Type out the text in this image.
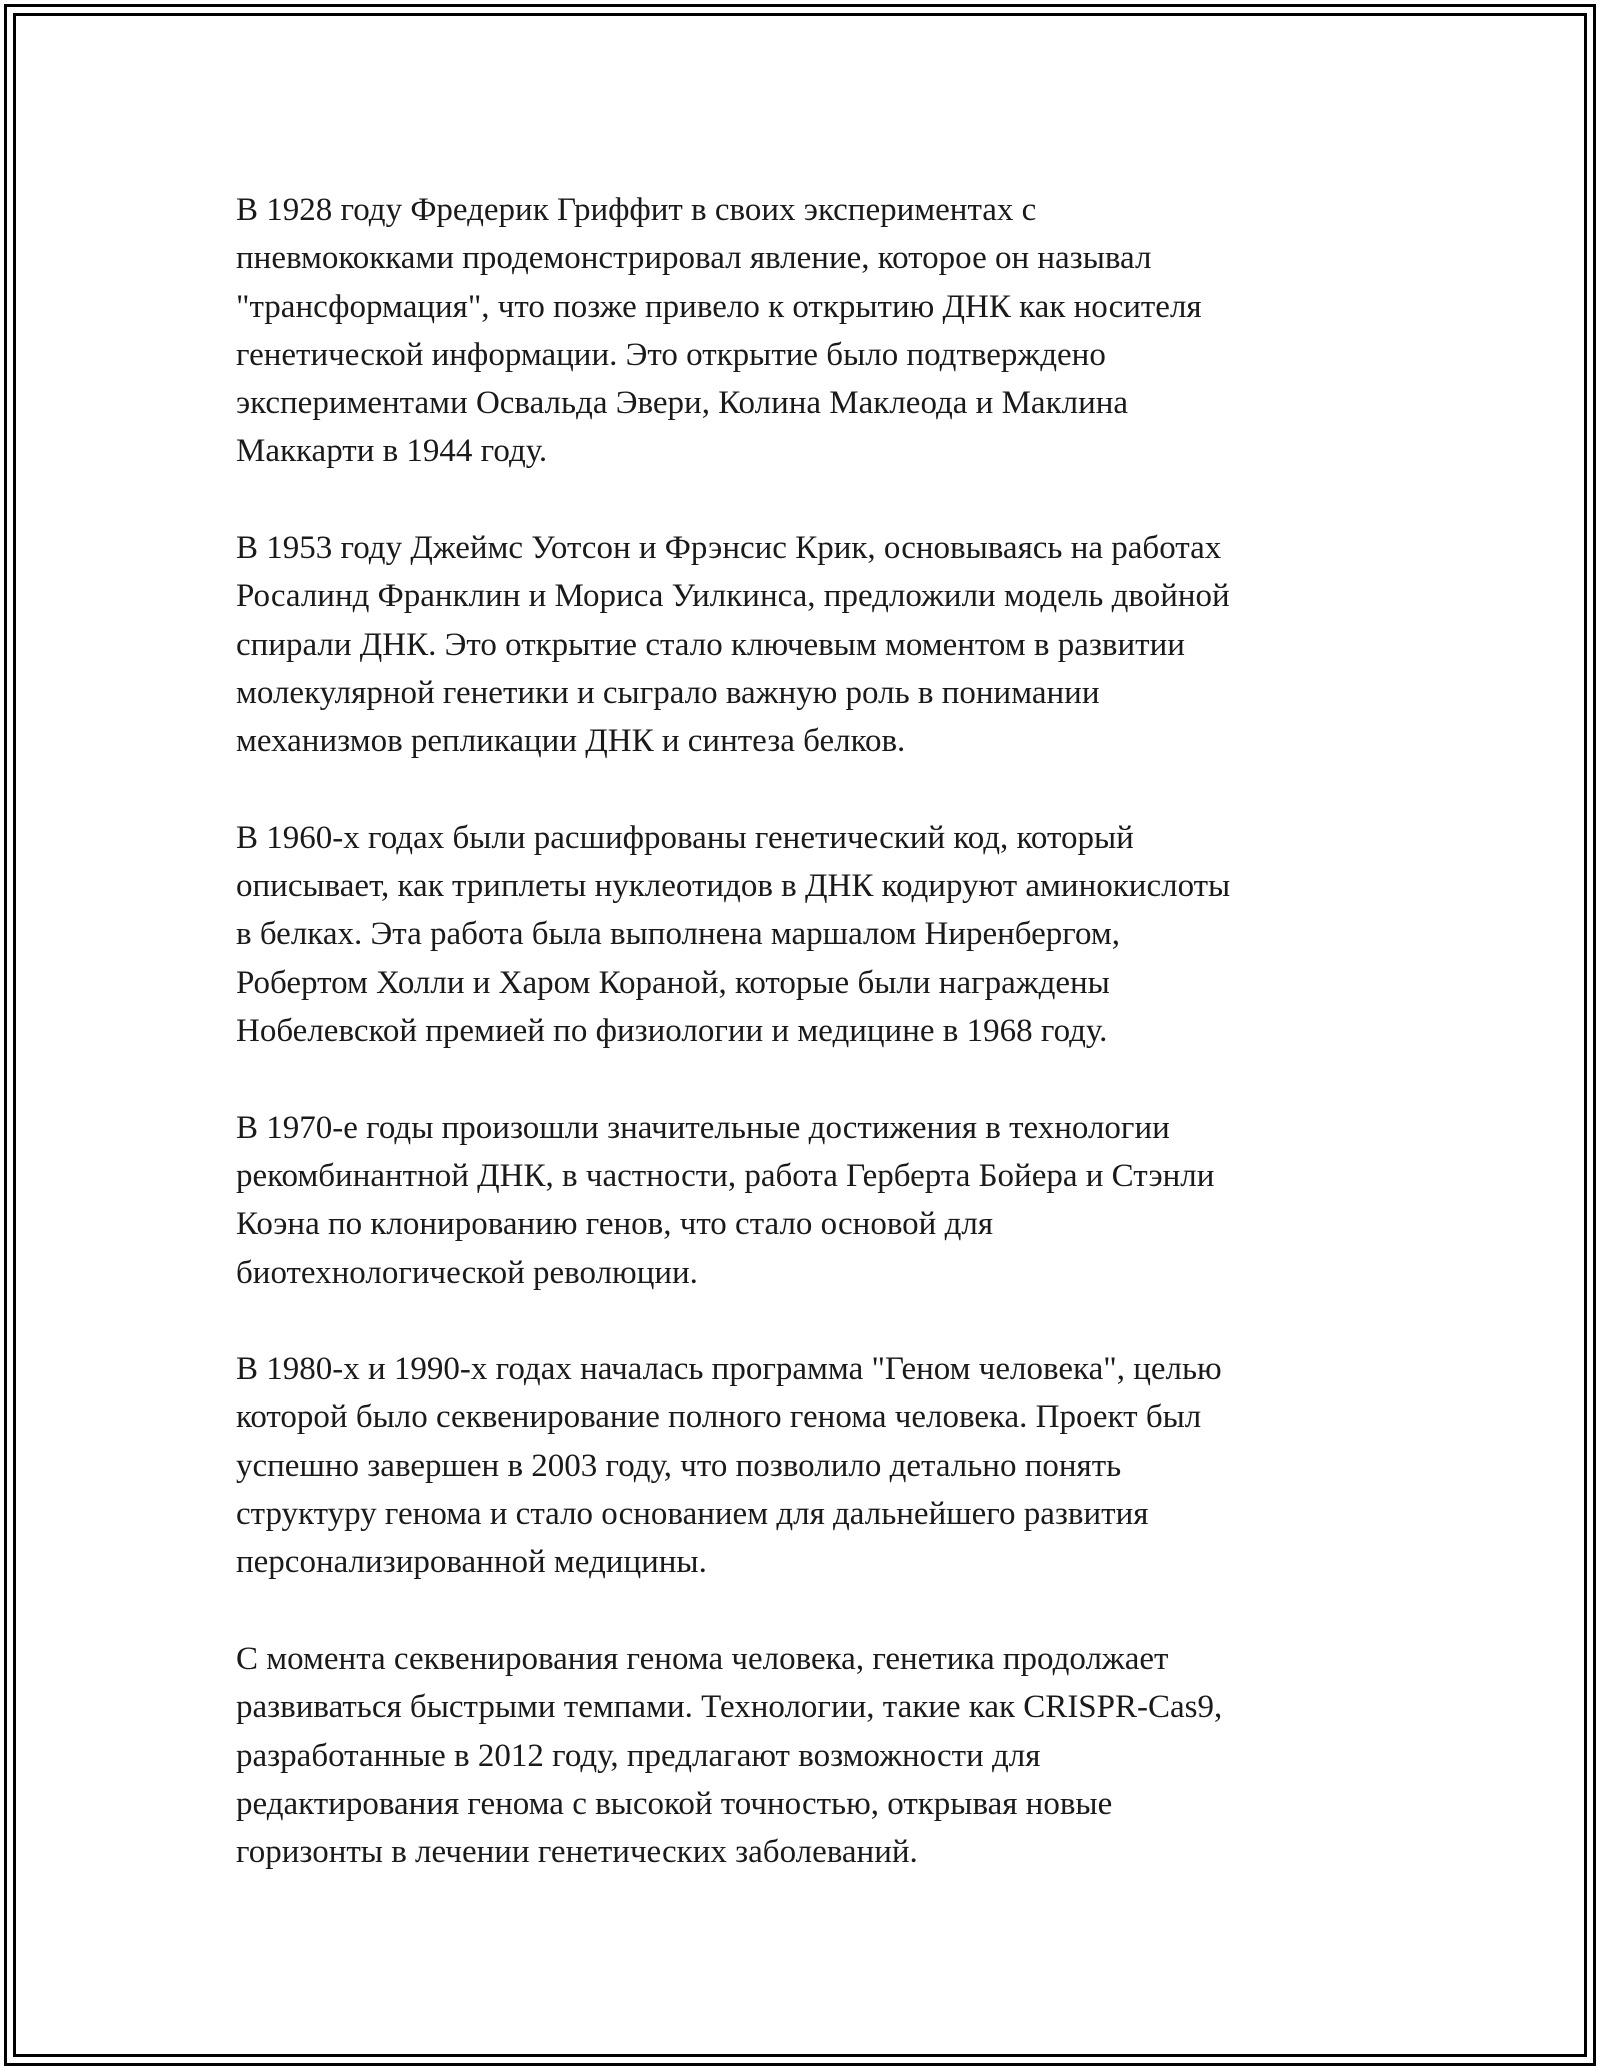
В 1928 году Фредерик Гриффит в своих экспериментах с
пневмококками продемонстрировал явление, которое он называл
"трансформация", что позже привело к открытию ДНК как носителя
генетической информации. Это открытие было подтверждено
экспериментами Освальда Эвери, Колина Маклеода и Маклина
Маккарти в 1944 году.

В 1953 году Джеймс Уотсон и Фрэнсис Крик, основываясь на работах
Росалинд Франклин и Мориса Уилкинса, предложили модель двойной
спирали ДНК. Это открытие стало ключевым моментом в развитии
молекулярной генетики и сыграло важную роль в понимании
механизмов репликации ДНК и синтеза белков.

В 1960-х годах были расшифрованы генетический код, который
описывает, как триплеты нуклеотидов в ДНК кодируют аминокислоты
в белках. Эта работа была выполнена маршалом Ниренбергом,
Робертом Холли и Харом Кораной, которые были награждены
Нобелевской премией по физиологии и медицине в 1968 году.

В 1970-е годы произошли значительные достижения в технологии
рекомбинантной ДНК, в частности, работа Герберта Бойера и Стэнли
Коэна по клонированию генов, что стало основой для
биотехнологической революции.

В 1980-х и 1990-х годах началась программа "Геном человека", целью
которой было секвенирование полного генома человека. Проект был
успешно завершен в 2003 году, что позволило детально понять
структуру генома и стало основанием для дальнейшего развития
персонализированной медицины.

С момента секвенирования генома человека, генетика продолжает
развиваться быстрыми темпами. Технологии, такие как CRISPR-Cas9,
разработанные в 2012 году, предлагают возможности для
редактирования генома с высокой точностью, открывая новые
горизонты в лечении генетических заболеваний.
